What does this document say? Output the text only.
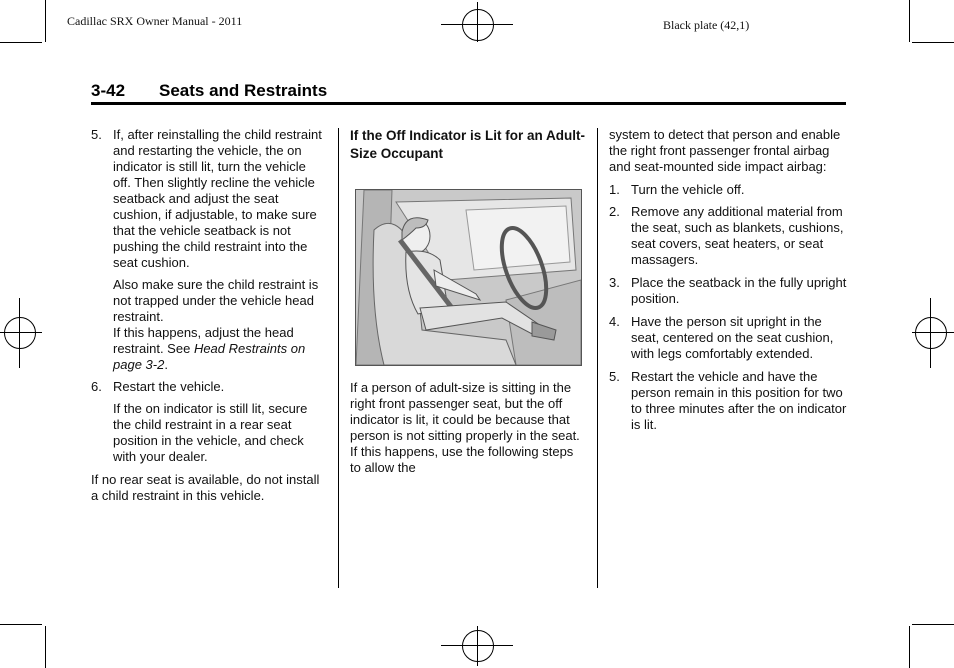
Cadillac SRX Owner Manual - 2011	Black plate (42,1)
3-42 Seats and Restraints
5. If, after reinstalling the child restraint and restarting the vehicle, the on indicator is still lit, turn the vehicle off. Then slightly recline the vehicle seatback and adjust the seat cushion, if adjustable, to make sure that the vehicle seatback is not pushing the child restraint into the seat cushion.

Also make sure the child restraint is not trapped under the vehicle head restraint.

If this happens, adjust the head restraint. See Head Restraints on page 3-2.

6. Restart the vehicle.

If the on indicator is still lit, secure the child restraint in a rear seat position in the vehicle, and check with your dealer.

If no rear seat is available, do not install a child restraint in this vehicle.

If the Off Indicator is Lit for an Adult-Size Occupant

If a person of adult-size is sitting in the right front passenger seat, but the off indicator is lit, it could be because that person is not sitting properly in the seat. If this happens, use the following steps to allow the

system to detect that person and enable the right front passenger frontal airbag and seat-mounted side impact airbag:

1. Turn the vehicle off.

2. Remove any additional material from the seat, such as blankets, cushions, seat covers, seat heaters, or seat massagers.

3. Place the seatback in the fully upright position.

4. Have the person sit upright in the seat, centered on the seat cushion, with legs comfortably extended.

5. Restart the vehicle and have the person remain in this position for two to three minutes after the on indicator is lit.
